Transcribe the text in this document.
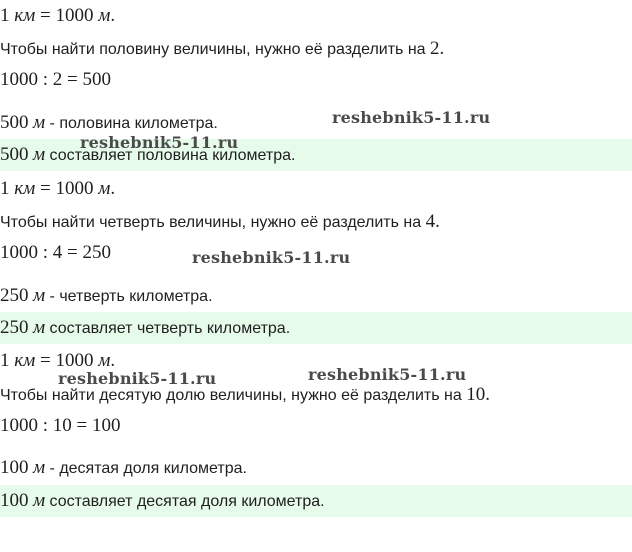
1 км = 1000 м.
Чтобы найти половину величины, нужно её разделить на 2.
1000 : 2 = 500
500 м - половина километра.
500 м составляет половина километра.
1 км = 1000 м.
Чтобы найти четверть величины, нужно её разделить на 4.
1000 : 4 = 250
250 м - четверть километра.
250 м составляет четверть километра.
1 км = 1000 м.
Чтобы найти десятую долю величины, нужно её разделить на 10.
1000 : 10 = 100
100 м - десятая доля километра.
100 м составляет десятая доля километра.
reshebnik5-11.ru
reshebnik5-11.ru
reshebnik5-11.ru
reshebnik5-11.ru	reshebnik5-11.ru
